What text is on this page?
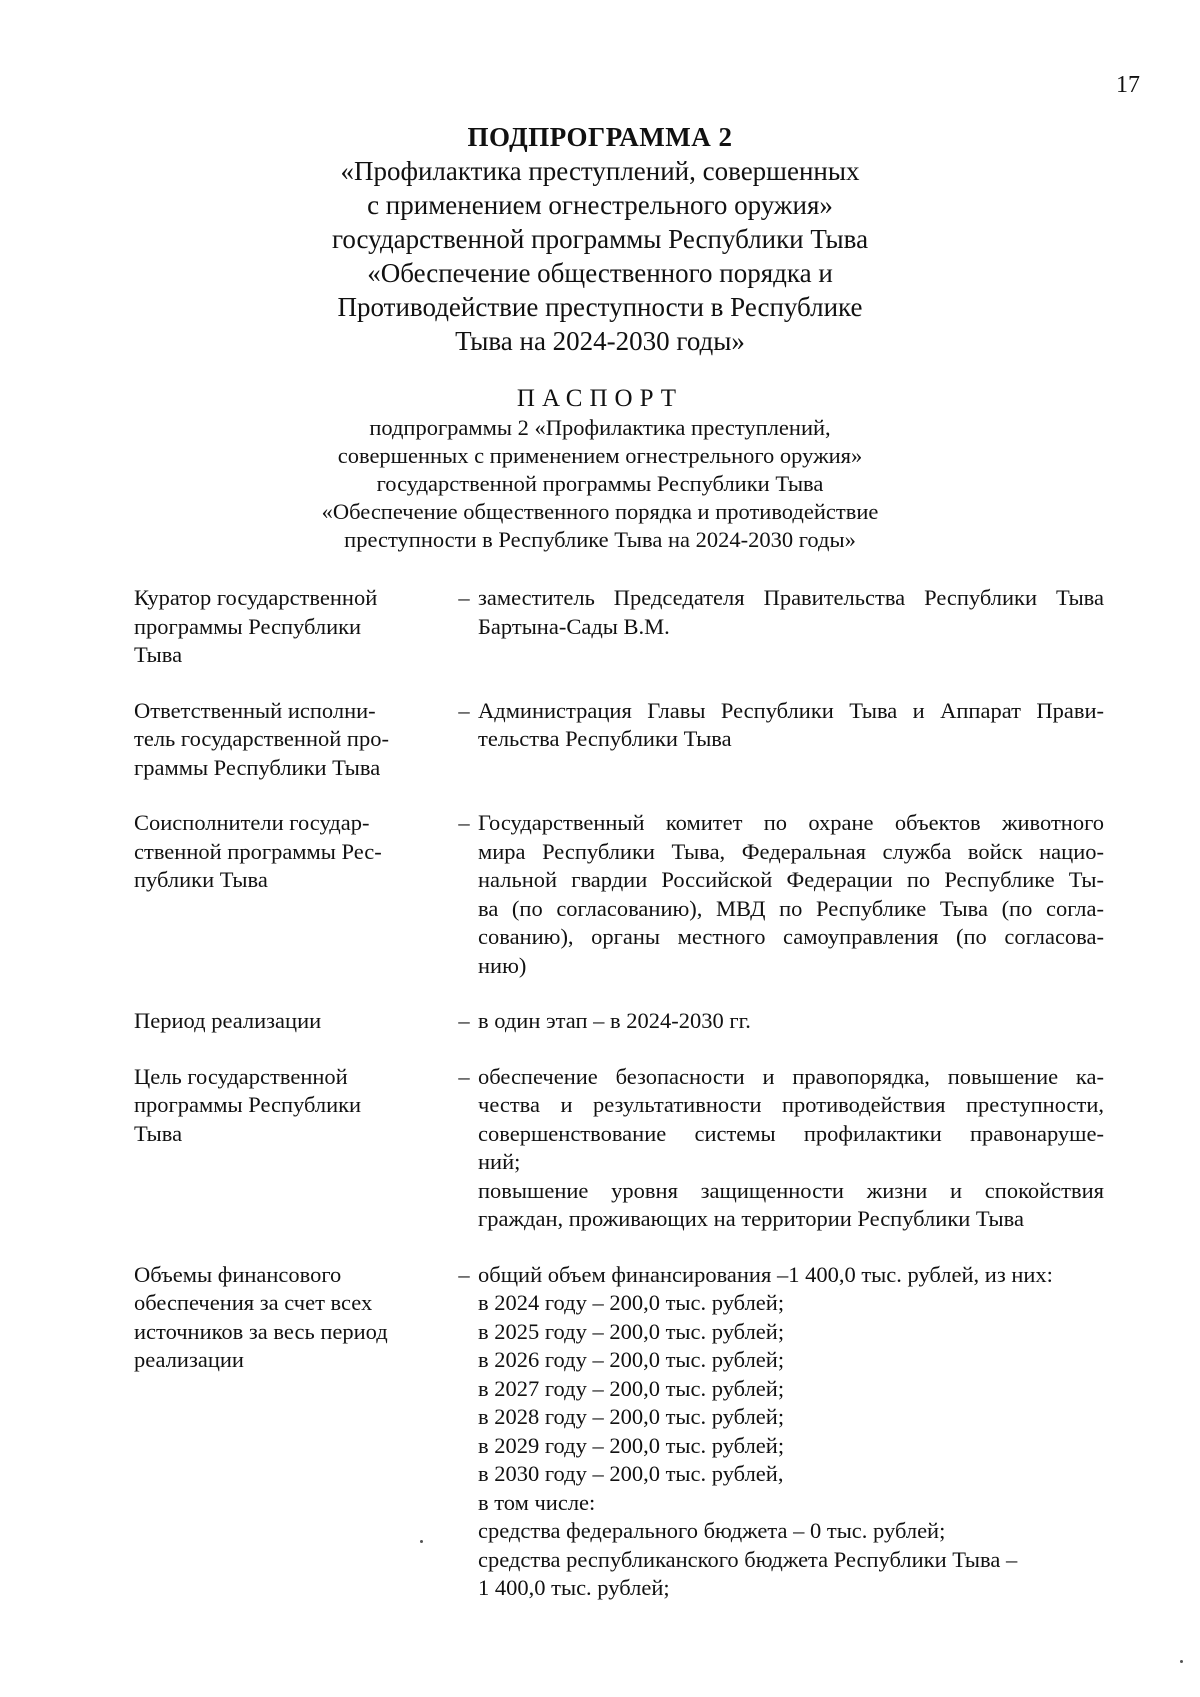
17
ПОДПРОГРАММА 2
«Профилактика преступлений, совершенных
с применением огнестрельного оружия»
государственной программы Республики Тыва
«Обеспечение общественного порядка и
Противодействие преступности в Республике
Тыва на 2024-2030 годы»
ПАСПОРТ
подпрограммы 2 «Профилактика преступлений,
совершенных с применением огнестрельного оружия»
государственной программы Республики Тыва
«Обеспечение общественного порядка и противодействие
преступности в Республике Тыва на 2024-2030 годы»
Куратор государственной
программы Республики
Тыва
– заместитель Председателя Правительства Республики Тыва
Бартына-Сады В.М.
Ответственный исполни-
тель государственной про-
граммы Республики Тыва
– Администрация Главы Республики Тыва и Аппарат Прави-
тельства Республики Тыва
Соисполнители государ-
ственной программы Рес-
публики Тыва
– Государственный комитет по охране объектов животного
мира Республики Тыва, Федеральная служба войск нацио-
нальной гвардии Российской Федерации по Республике Ты-
ва (по согласованию), МВД по Республике Тыва (по согла-
сованию), органы местного самоуправления (по согласова-
нию)
Период реализации	– в один этап – в 2024-2030 гг.
Цель государственной
программы Республики
Тыва
– обеспечение безопасности и правопорядка, повышение ка-
чества и результативности противодействия преступности,
совершенствование системы профилактики правонаруше-
ний;
повышение уровня защищенности жизни и спокойствия
граждан, проживающих на территории Республики Тыва
Объемы финансового
обеспечения за счет всех
источников за весь период
реализации
– общий объем финансирования –1 400,0 тыс. рублей, из них:
в 2024 году – 200,0 тыс. рублей;
в 2025 году – 200,0 тыс. рублей;
в 2026 году – 200,0 тыс. рублей;
в 2027 году – 200,0 тыс. рублей;
в 2028 году – 200,0 тыс. рублей;
в 2029 году – 200,0 тыс. рублей;
в 2030 году – 200,0 тыс. рублей,
в том числе:
средства федерального бюджета – 0 тыс. рублей;
средства республиканского бюджета Республики Тыва –
1 400,0 тыс. рублей;
